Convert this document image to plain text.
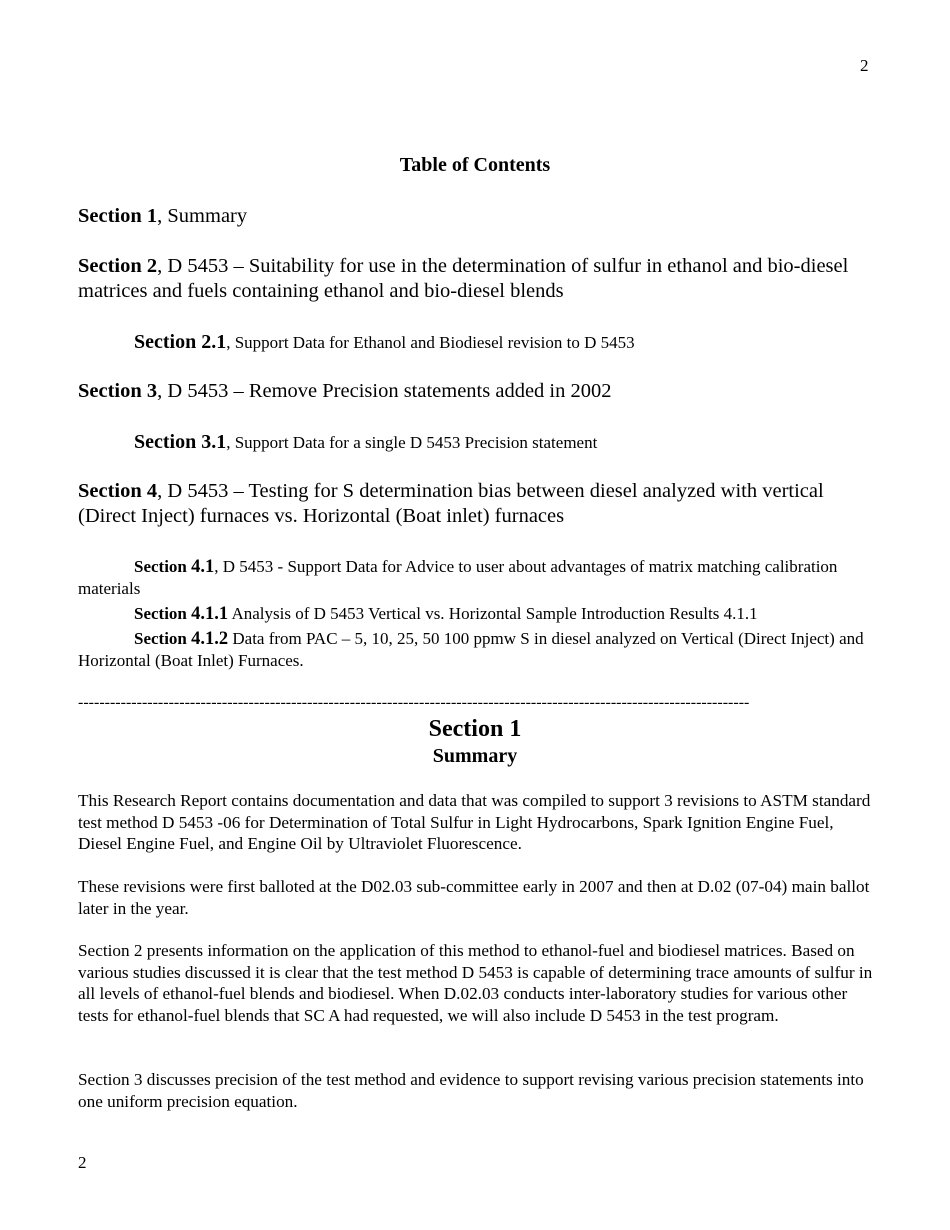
2
Table of Contents

Section 1, Summary

Section 2, D 5453 – Suitability for use in the determination of sulfur in ethanol and bio-diesel matrices and fuels containing ethanol and bio-diesel blends

Section 2.1, Support Data for Ethanol and Biodiesel revision to D 5453

Section 3, D 5453 – Remove Precision statements added in 2002

Section 3.1, Support Data for a single D 5453 Precision statement

Section 4, D 5453 – Testing for S determination bias between diesel analyzed with vertical (Direct Inject) furnaces vs. Horizontal (Boat inlet) furnaces

Section 4.1, D 5453 - Support Data for Advice to user about advantages of matrix matching calibration materials

Section 4.1.1 Analysis of D 5453 Vertical vs. Horizontal Sample Introduction Results 4.1.1

Section 4.1.2 Data from PAC – 5, 10, 25, 50 100 ppmw S in diesel analyzed on Vertical (Direct Inject) and Horizontal (Boat Inlet) Furnaces.

------------------------------------------------------------------------------------------------------------------------------
Section 1
Summary

This Research Report contains documentation and data that was compiled to support 3 revisions to ASTM standard test method D 5453 -06 for Determination of Total Sulfur in Light Hydrocarbons, Spark Ignition Engine Fuel, Diesel Engine Fuel, and Engine Oil by Ultraviolet Fluorescence.

These revisions were first balloted at the D02.03 sub-committee early in 2007 and then at D.02 (07-04) main ballot later in the year.

Section 2 presents information on the application of this method to ethanol-fuel and biodiesel matrices. Based on various studies discussed it is clear that the test method D 5453 is capable of determining trace amounts of sulfur in all levels of ethanol-fuel blends and biodiesel. When D.02.03 conducts inter-laboratory studies for various other tests for ethanol-fuel blends that SC A had requested, we will also include D 5453 in the test program.

Section 3 discusses precision of the test method and evidence to support revising various precision statements into one uniform precision equation.

2
